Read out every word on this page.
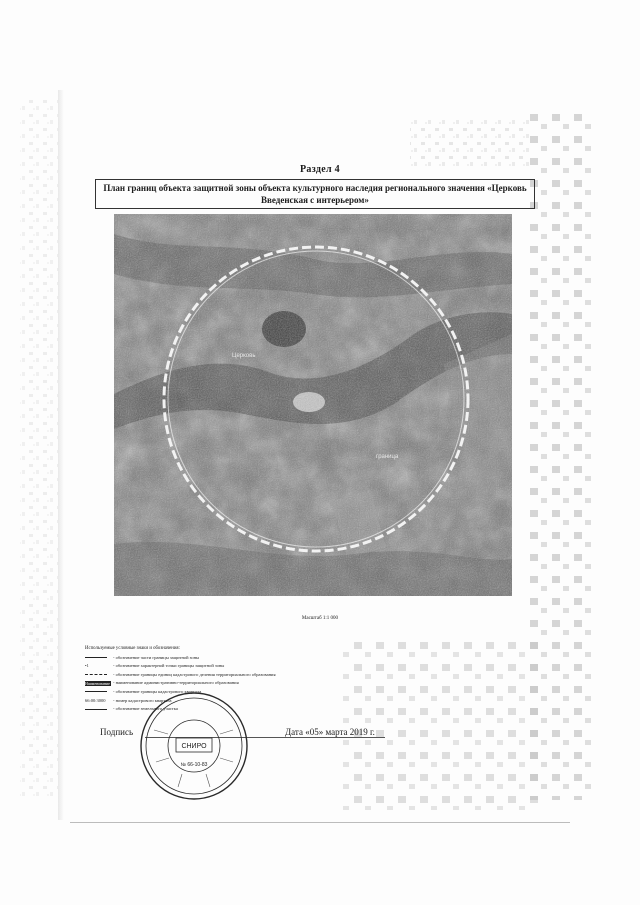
Раздел 4
План границ объекта защитной зоны объекта культурного наследия регионального значения «Церковь Введенская с интерьером»
Церковь
граница
Масштаб 1:1 000
Используемые условные знаки и обозначения:
- обозначение части границы защитной зоны
•1	- обозначение характерной точки границы защитной зоны
- обозначение границы единиц кадастрового деления территориального образования
Наименование - наименование административно-территориального образования
- обозначение границы кадастрового квартала
66:00:3000	- номер кадастрового квартала
- обозначение земельного участка
Подпись	Дата «05» марта 2019 г.
СНИРО
№ 66-10-83
